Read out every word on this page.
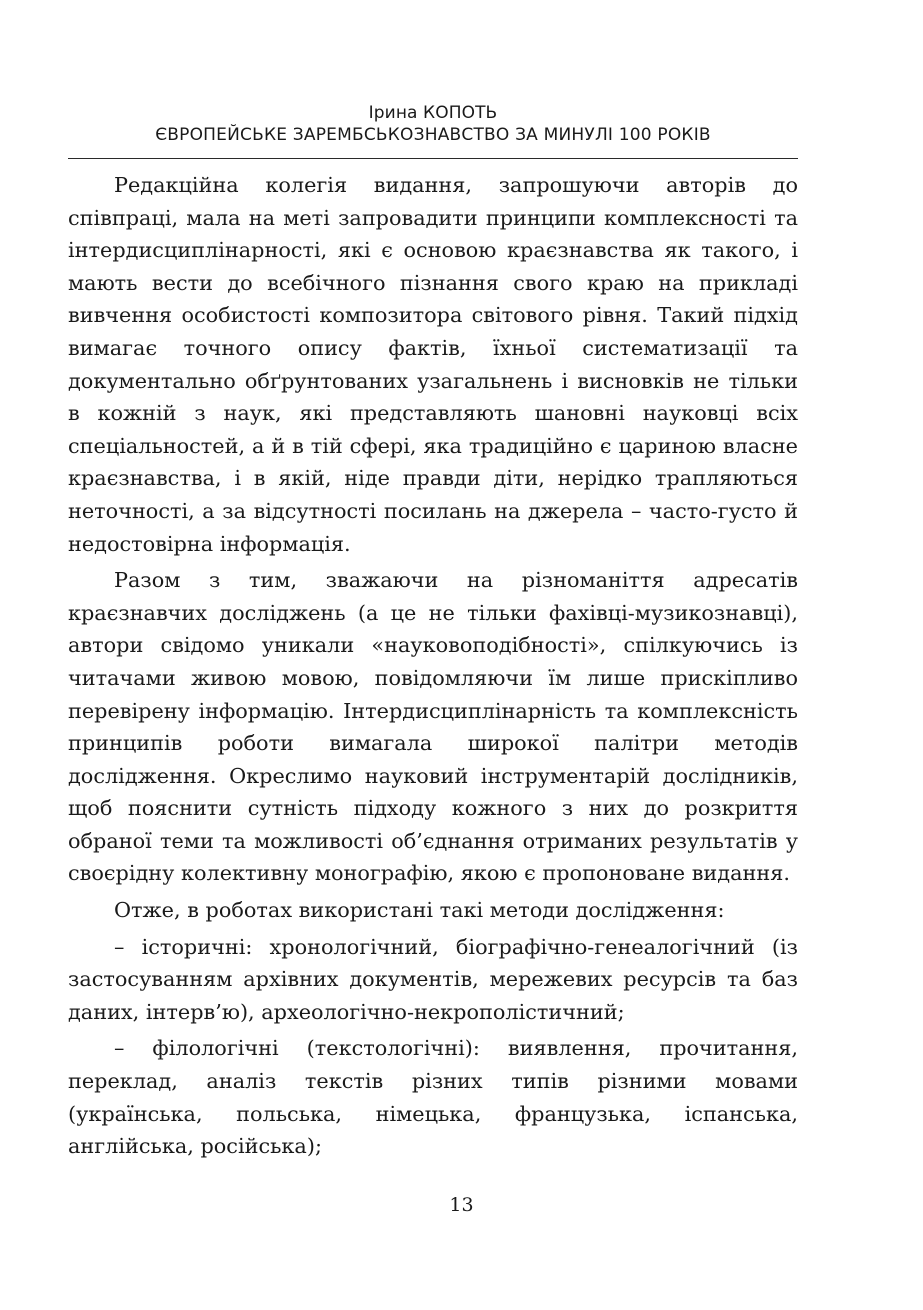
Ірина КОПОТЬ
ЄВРОПЕЙСЬКЕ ЗАРЕМБСЬКОЗНАВСТВО ЗА МИНУЛІ 100 РОКІВ

Редакційна колегія видання, запрошуючи авторів до співпраці, мала на меті запровадити принципи комплексності та інтердисциплінарності, які є основою краєзнавства як такого, і мають вести до всебічного пізнання свого краю на прикладі вивчення особистості композитора світового рівня. Такий підхід вимагає точного опису фактів, їхньої систематизації та документально обґрунтованих узагальнень і висновків не тільки в кожній з наук, які представляють шановні науковці всіх спеціальностей, а й в тій сфері, яка традиційно є цариною власне краєзнавства, і в якій, ніде правди діти, нерідко трапляються неточності, а за відсутності посилань на джерела – часто-густо й недостовірна інформація.

Разом з тим, зважаючи на різноманіття адресатів краєзнавчих досліджень (а це не тільки фахівці-музикознавці), автори свідомо уникали «науковоподібності», спілкуючись із читачами живою мовою, повідомляючи їм лише прискіпливо перевірену інформацію. Інтердисциплінарність та комплексність принципів роботи вимагала широкої палітри методів дослідження. Окреслимо науковий інструментарій дослідників, щоб пояснити сутність підходу кожного з них до розкриття обраної теми та можливості об’єднання отриманих результатів у своєрідну колективну монографію, якою є пропоноване видання.

Отже, в роботах використані такі методи дослідження:

– історичні: хронологічний, біографічно-генеалогічний (із застосуванням архівних документів, мережевих ресурсів та баз даних, інтерв’ю), археологічно-некрополістичний;

– філологічні (текстологічні): виявлення, прочитання, переклад, аналіз текстів різних типів різними мовами (українська, польська, німецька, французька, іспанська, англійська, російська);

13
